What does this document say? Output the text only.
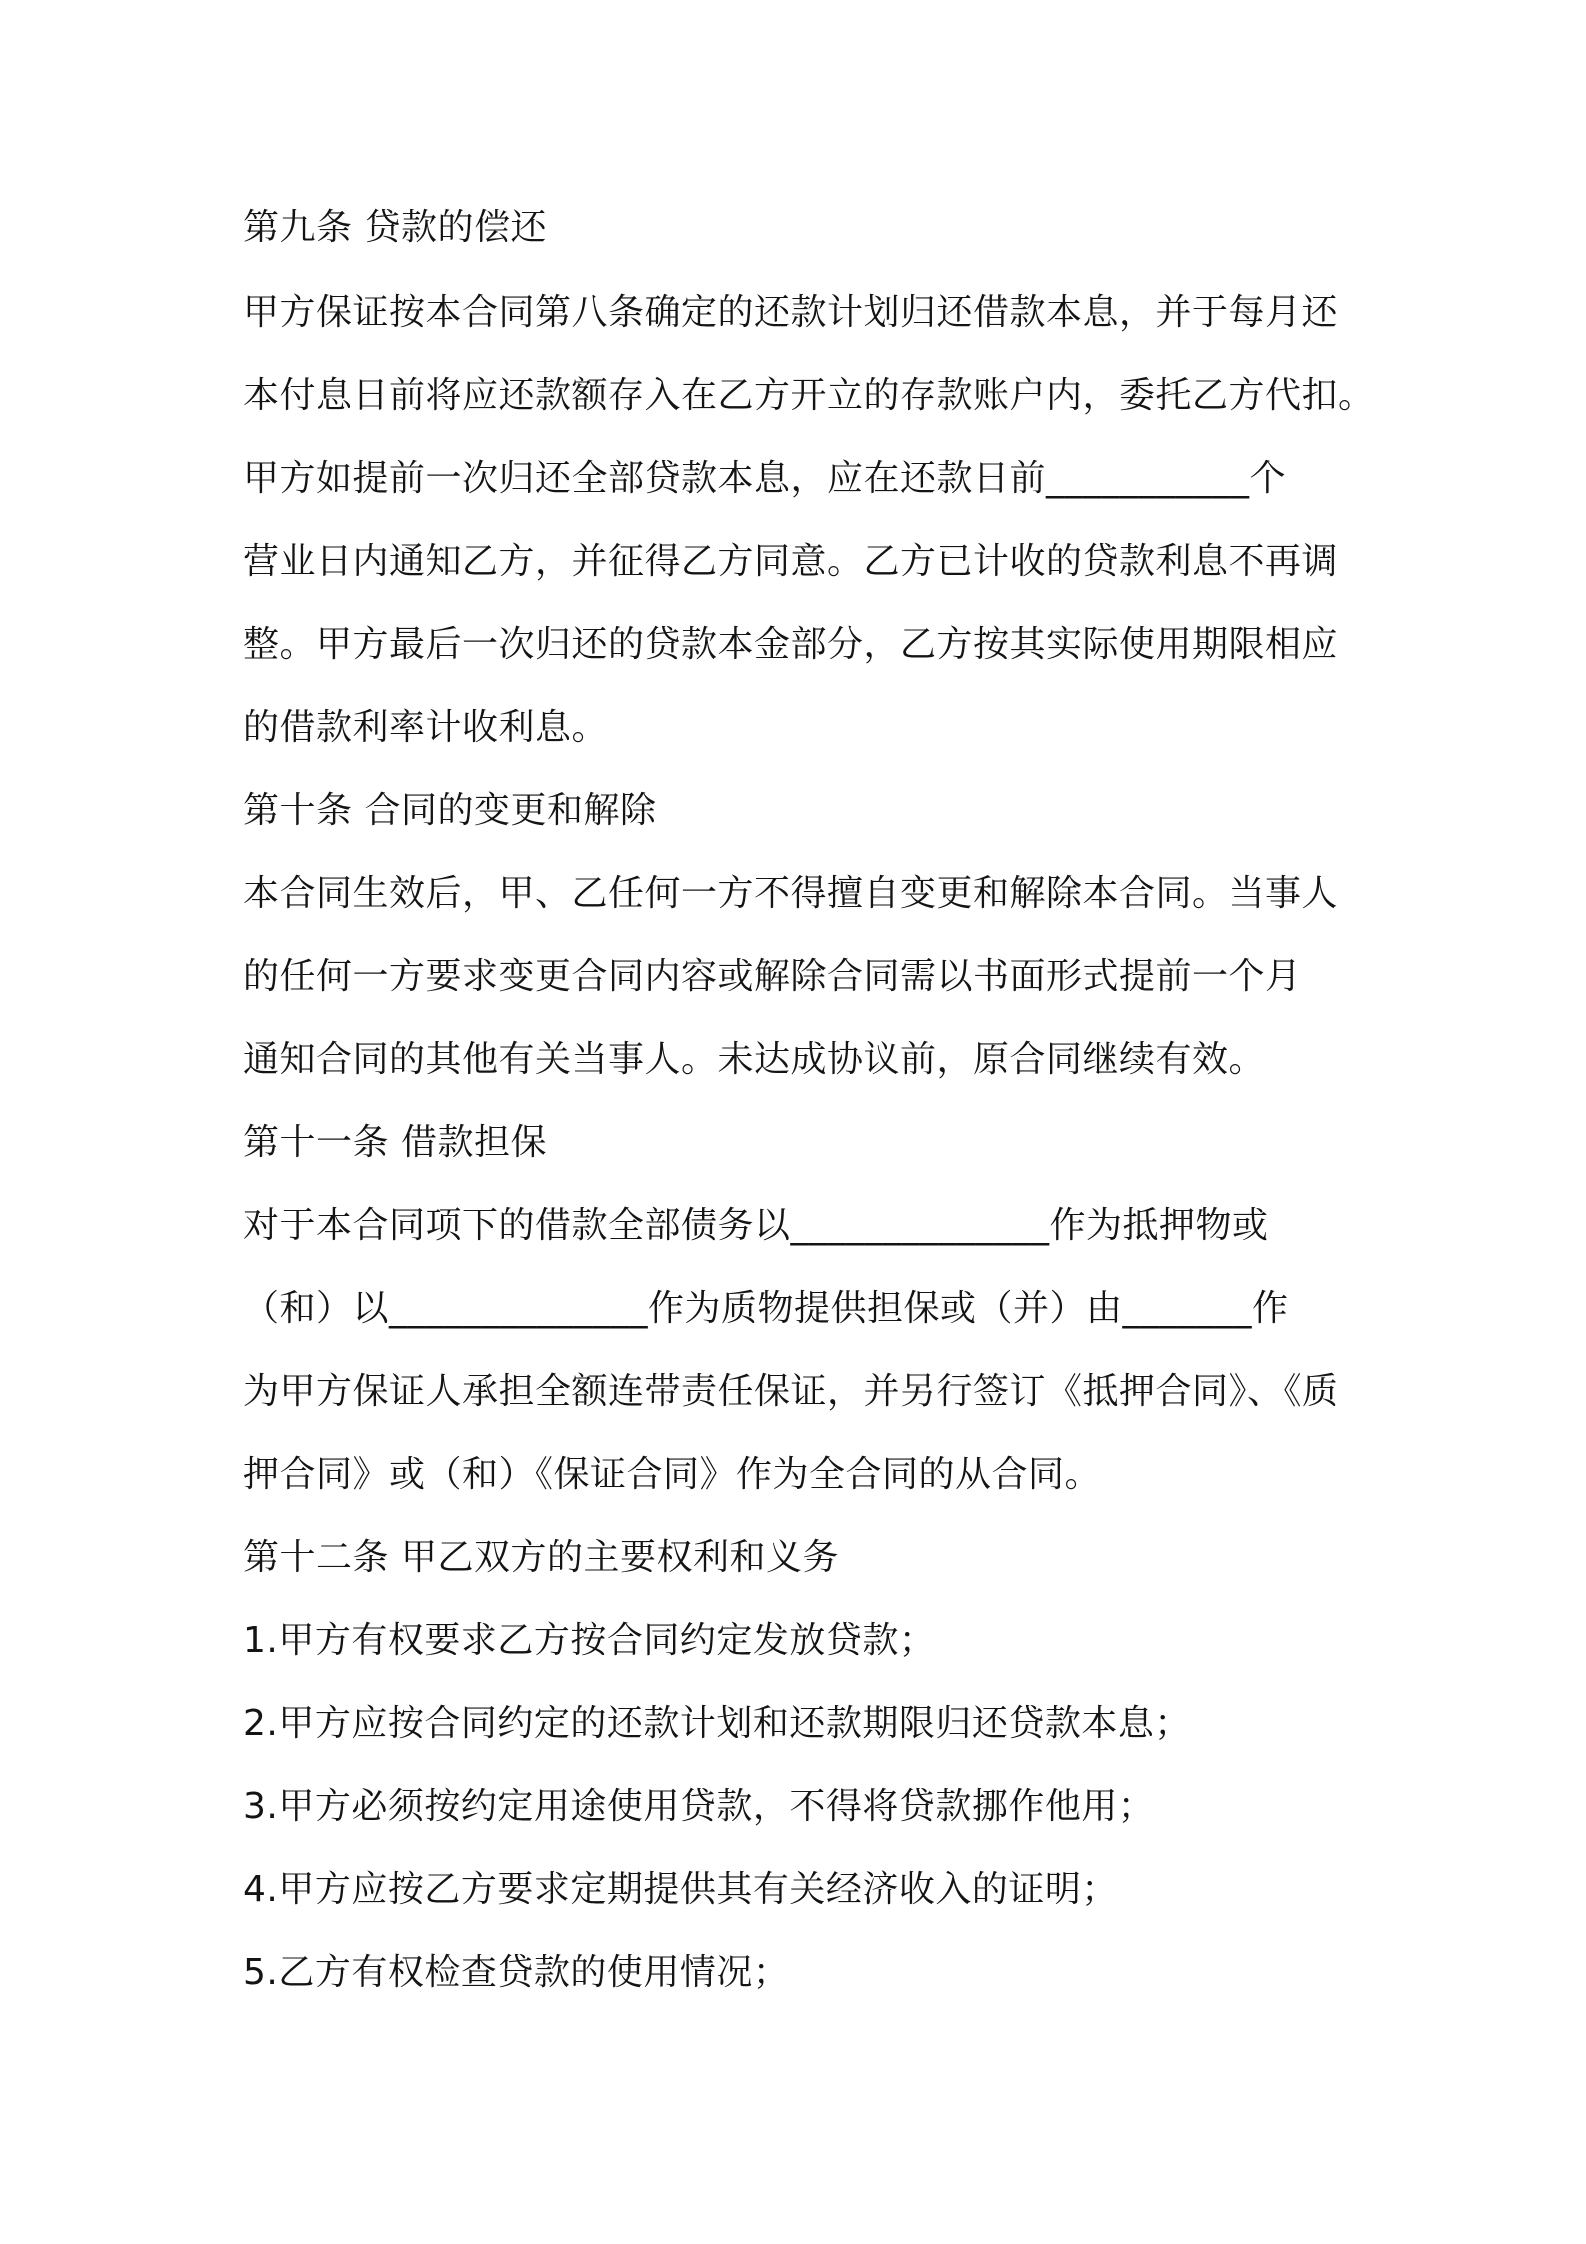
第九条 贷款的偿还
甲方保证按本合同第八条确定的还款计划归还借款本息，并于每月还
本付息日前将应还款额存入在乙方开立的存款账户内，委托乙方代扣。
甲方如提前一次归还全部贷款本息，应在还款日前___________个
营业日内通知乙方，并征得乙方同意。乙方已计收的贷款利息不再调
整。甲方最后一次归还的贷款本金部分，乙方按其实际使用期限相应
的借款利率计收利息。
第十条 合同的变更和解除
本合同生效后，甲、乙任何一方不得擅自变更和解除本合同。当事人
的任何一方要求变更合同内容或解除合同需以书面形式提前一个月
通知合同的其他有关当事人。未达成协议前，原合同继续有效。
第十一条 借款担保
对于本合同项下的借款全部债务以______________作为抵押物或
（和）以______________作为质物提供担保或（并）由_______作
为甲方保证人承担全额连带责任保证，并另行签订《抵押合同》、《质
押合同》或（和）《保证合同》作为全合同的从合同。
第十二条 甲乙双方的主要权利和义务
1.甲方有权要求乙方按合同约定发放贷款；
2.甲方应按合同约定的还款计划和还款期限归还贷款本息；
3.甲方必须按约定用途使用贷款，不得将贷款挪作他用；
4.甲方应按乙方要求定期提供其有关经济收入的证明；
5.乙方有权检查贷款的使用情况；
